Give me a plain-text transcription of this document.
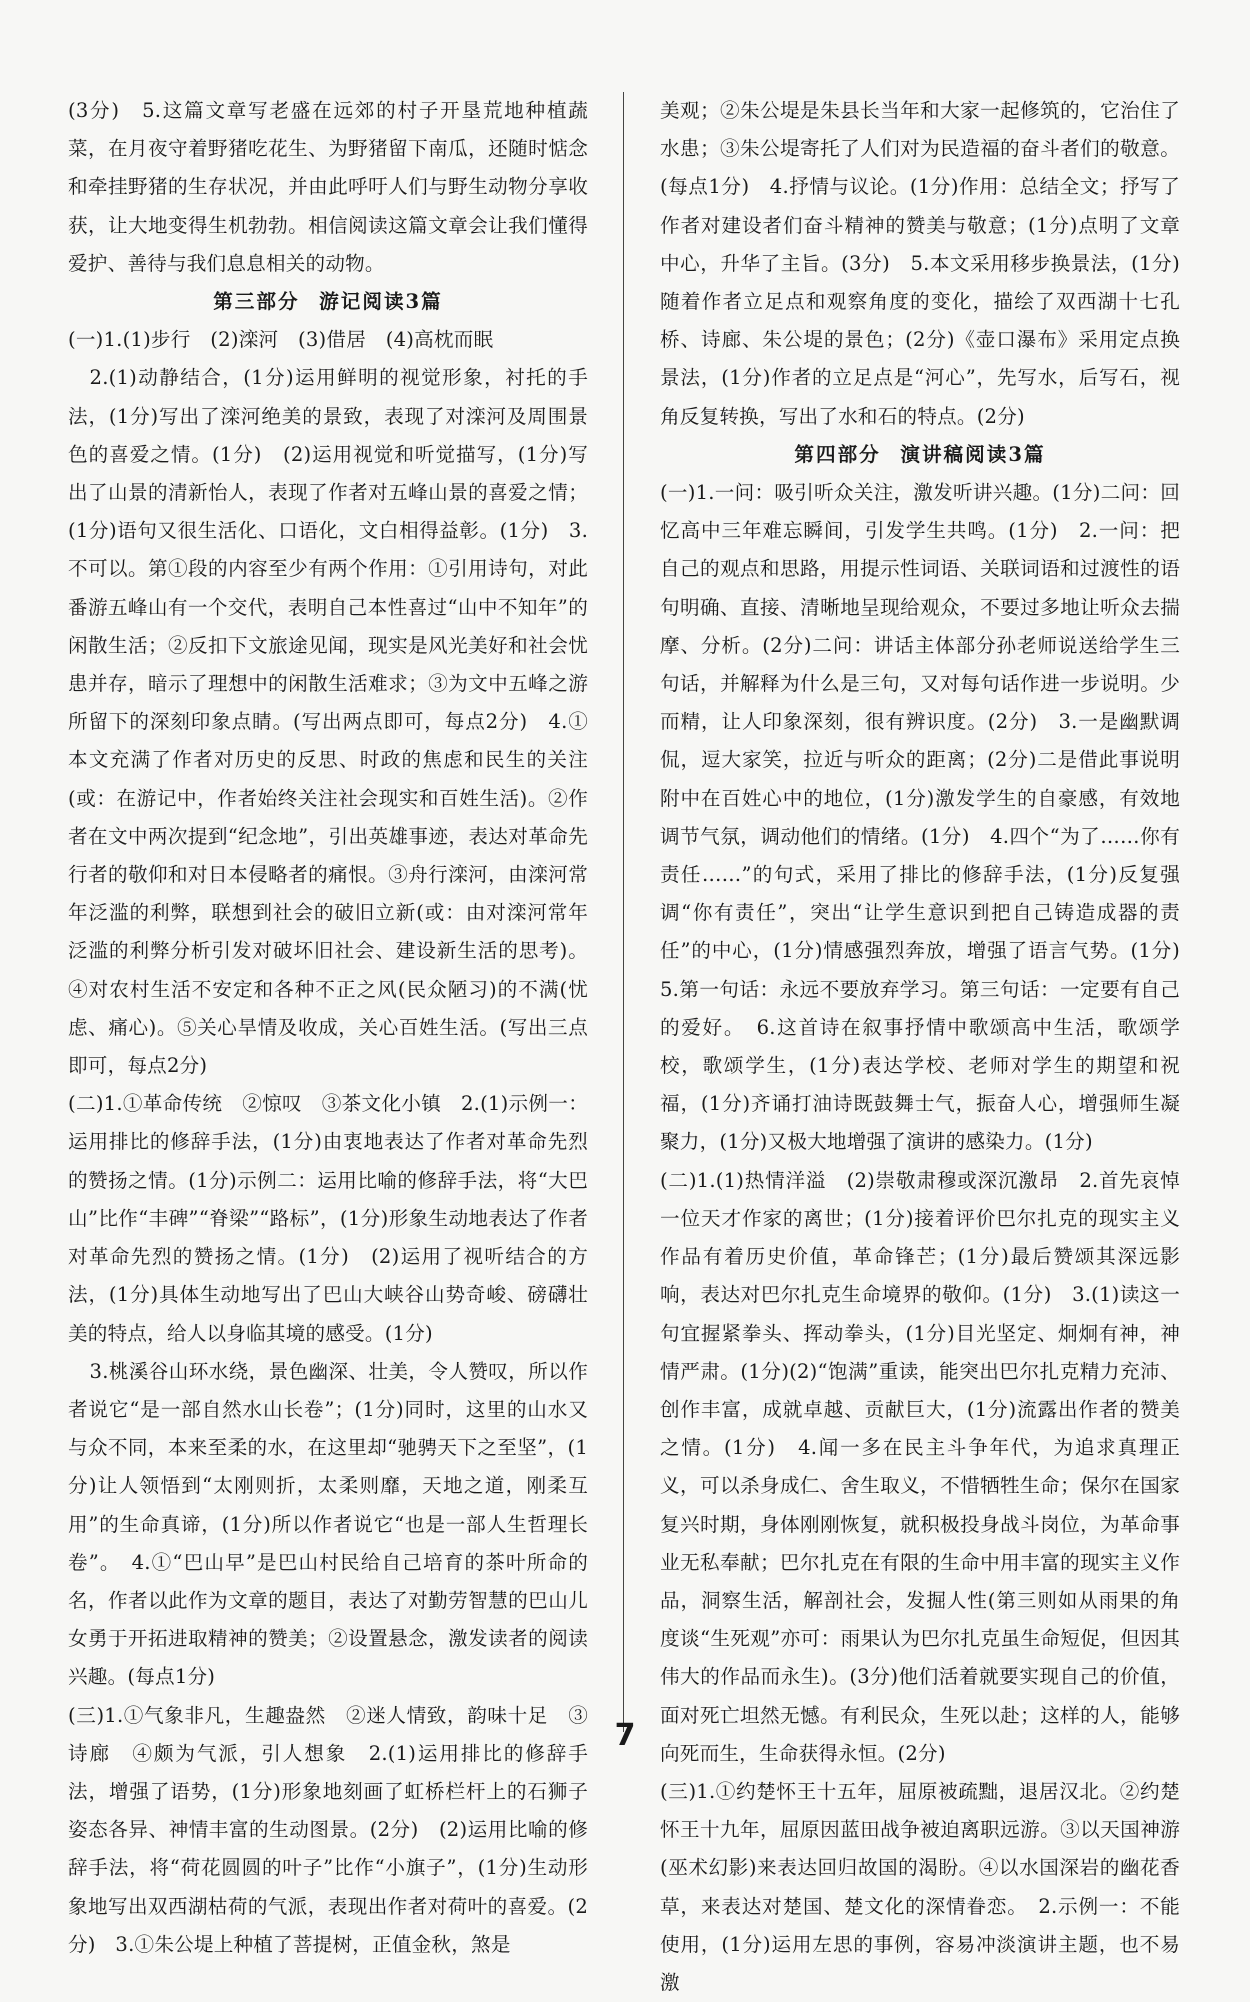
(3分)　5.这篇文章写老盛在远郊的村子开垦荒地种植蔬菜，在月夜守着野猪吃花生、为野猪留下南瓜，还随时惦念和牵挂野猪的生存状况，并由此呼吁人们与野生动物分享收获，让大地变得生机勃勃。相信阅读这篇文章会让我们懂得爱护、善待与我们息息相关的动物。

第三部分 游记阅读3篇

(一)1.(1)步行　(2)滦河　(3)借居　(4)高枕而眠

2.(1)动静结合，(1分)运用鲜明的视觉形象，衬托的手法，(1分)写出了滦河绝美的景致，表现了对滦河及周围景色的喜爱之情。(1分)　(2)运用视觉和听觉描写，(1分)写出了山景的清新怡人，表现了作者对五峰山景的喜爱之情；(1分)语句又很生活化、口语化，文白相得益彰。(1分)　3.不可以。第①段的内容至少有两个作用：①引用诗句，对此番游五峰山有一个交代，表明自己本性喜过“山中不知年”的闲散生活；②反扣下文旅途见闻，现实是风光美好和社会忧患并存，暗示了理想中的闲散生活难求；③为文中五峰之游所留下的深刻印象点睛。(写出两点即可，每点2分)　4.①本文充满了作者对历史的反思、时政的焦虑和民生的关注(或：在游记中，作者始终关注社会现实和百姓生活)。②作者在文中两次提到“纪念地”，引出英雄事迹，表达对革命先行者的敬仰和对日本侵略者的痛恨。③舟行滦河，由滦河常年泛滥的利弊，联想到社会的破旧立新(或：由对滦河常年泛滥的利弊分析引发对破坏旧社会、建设新生活的思考)。④对农村生活不安定和各种不正之风(民众陋习)的不满(忧虑、痛心)。⑤关心旱情及收成，关心百姓生活。(写出三点即可，每点2分)

(二)1.①革命传统　②惊叹　③茶文化小镇　2.(1)示例一：运用排比的修辞手法，(1分)由衷地表达了作者对革命先烈的赞扬之情。(1分)示例二：运用比喻的修辞手法，将“大巴山”比作“丰碑”“脊梁”“路标”，(1分)形象生动地表达了作者对革命先烈的赞扬之情。(1分)　(2)运用了视听结合的方法，(1分)具体生动地写出了巴山大峡谷山势奇峻、磅礴壮美的特点，给人以身临其境的感受。(1分)

3.桃溪谷山环水绕，景色幽深、壮美，令人赞叹，所以作者说它“是一部自然水山长卷”；(1分)同时，这里的山水又与众不同，本来至柔的水，在这里却“驰骋天下之至坚”，(1分)让人领悟到“太刚则折，太柔则靡，天地之道，刚柔互用”的生命真谛，(1分)所以作者说它“也是一部人生哲理长卷”。　4.①“巴山早”是巴山村民给自己培育的茶叶所命的名，作者以此作为文章的题目，表达了对勤劳智慧的巴山儿女勇于开拓进取精神的赞美；②设置悬念，激发读者的阅读兴趣。(每点1分)

(三)1.①气象非凡，生趣盎然　②迷人情致，韵味十足　③诗廊　④颇为气派，引人想象　2.(1)运用排比的修辞手法，增强了语势，(1分)形象地刻画了虹桥栏杆上的石狮子姿态各异、神情丰富的生动图景。(2分)　(2)运用比喻的修辞手法，将“荷花圆圆的叶子”比作“小旗子”，(1分)生动形象地写出双西湖枯荷的气派，表现出作者对荷叶的喜爱。(2分)　3.①朱公堤上种植了菩提树，正值金秋，煞是

美观；②朱公堤是朱县长当年和大家一起修筑的，它治住了水患；③朱公堤寄托了人们对为民造福的奋斗者们的敬意。(每点1分)　4.抒情与议论。(1分)作用：总结全文；抒写了作者对建设者们奋斗精神的赞美与敬意；(1分)点明了文章中心，升华了主旨。(3分)　5.本文采用移步换景法，(1分)随着作者立足点和观察角度的变化，描绘了双西湖十七孔桥、诗廊、朱公堤的景色；(2分)《壶口瀑布》采用定点换景法，(1分)作者的立足点是“河心”，先写水，后写石，视角反复转换，写出了水和石的特点。(2分)

第四部分 演讲稿阅读3篇

(一)1.一问：吸引听众关注，激发听讲兴趣。(1分)二问：回忆高中三年难忘瞬间，引发学生共鸣。(1分)　2.一问：把自己的观点和思路，用提示性词语、关联词语和过渡性的语句明确、直接、清晰地呈现给观众，不要过多地让听众去揣摩、分析。(2分)二问：讲话主体部分孙老师说送给学生三句话，并解释为什么是三句，又对每句话作进一步说明。少而精，让人印象深刻，很有辨识度。(2分)　3.一是幽默调侃，逗大家笑，拉近与听众的距离；(2分)二是借此事说明附中在百姓心中的地位，(1分)激发学生的自豪感，有效地调节气氛，调动他们的情绪。(1分)　4.四个“为了……你有责任……”的句式，采用了排比的修辞手法，(1分)反复强调“你有责任”，突出“让学生意识到把自己铸造成器的责任”的中心，(1分)情感强烈奔放，增强了语言气势。(1分)　5.第一句话：永远不要放弃学习。第三句话：一定要有自己的爱好。　6.这首诗在叙事抒情中歌颂高中生活，歌颂学校，歌颂学生，(1分)表达学校、老师对学生的期望和祝福，(1分)齐诵打油诗既鼓舞士气，振奋人心，增强师生凝聚力，(1分)又极大地增强了演讲的感染力。(1分)

(二)1.(1)热情洋溢　(2)崇敬肃穆或深沉激昂　2.首先哀悼一位天才作家的离世；(1分)接着评价巴尔扎克的现实主义作品有着历史价值，革命锋芒；(1分)最后赞颂其深远影响，表达对巴尔扎克生命境界的敬仰。(1分)　3.(1)读这一句宜握紧拳头、挥动拳头，(1分)目光坚定、炯炯有神，神情严肃。(1分)(2)“饱满”重读，能突出巴尔扎克精力充沛、创作丰富，成就卓越、贡献巨大，(1分)流露出作者的赞美之情。(1分)　4.闻一多在民主斗争年代，为追求真理正义，可以杀身成仁、舍生取义，不惜牺牲生命；保尔在国家复兴时期，身体刚刚恢复，就积极投身战斗岗位，为革命事业无私奉献；巴尔扎克在有限的生命中用丰富的现实主义作品，洞察生活，解剖社会，发掘人性(第三则如从雨果的角度谈“生死观”亦可：雨果认为巴尔扎克虽生命短促，但因其伟大的作品而永生)。(3分)他们活着就要实现自己的价值，面对死亡坦然无憾。有利民众，生死以赴；这样的人，能够向死而生，生命获得永恒。(2分)

(三)1.①约楚怀王十五年，屈原被疏黜，退居汉北。②约楚怀王十九年，屈原因蓝田战争被迫离职远游。③以天国神游(巫术幻影)来表达回归故国的渴盼。④以水国深岩的幽花香草，来表达对楚国、楚文化的深情眷恋。　2.示例一：不能使用，(1分)运用左思的事例，容易冲淡演讲主题，也不易激

7
